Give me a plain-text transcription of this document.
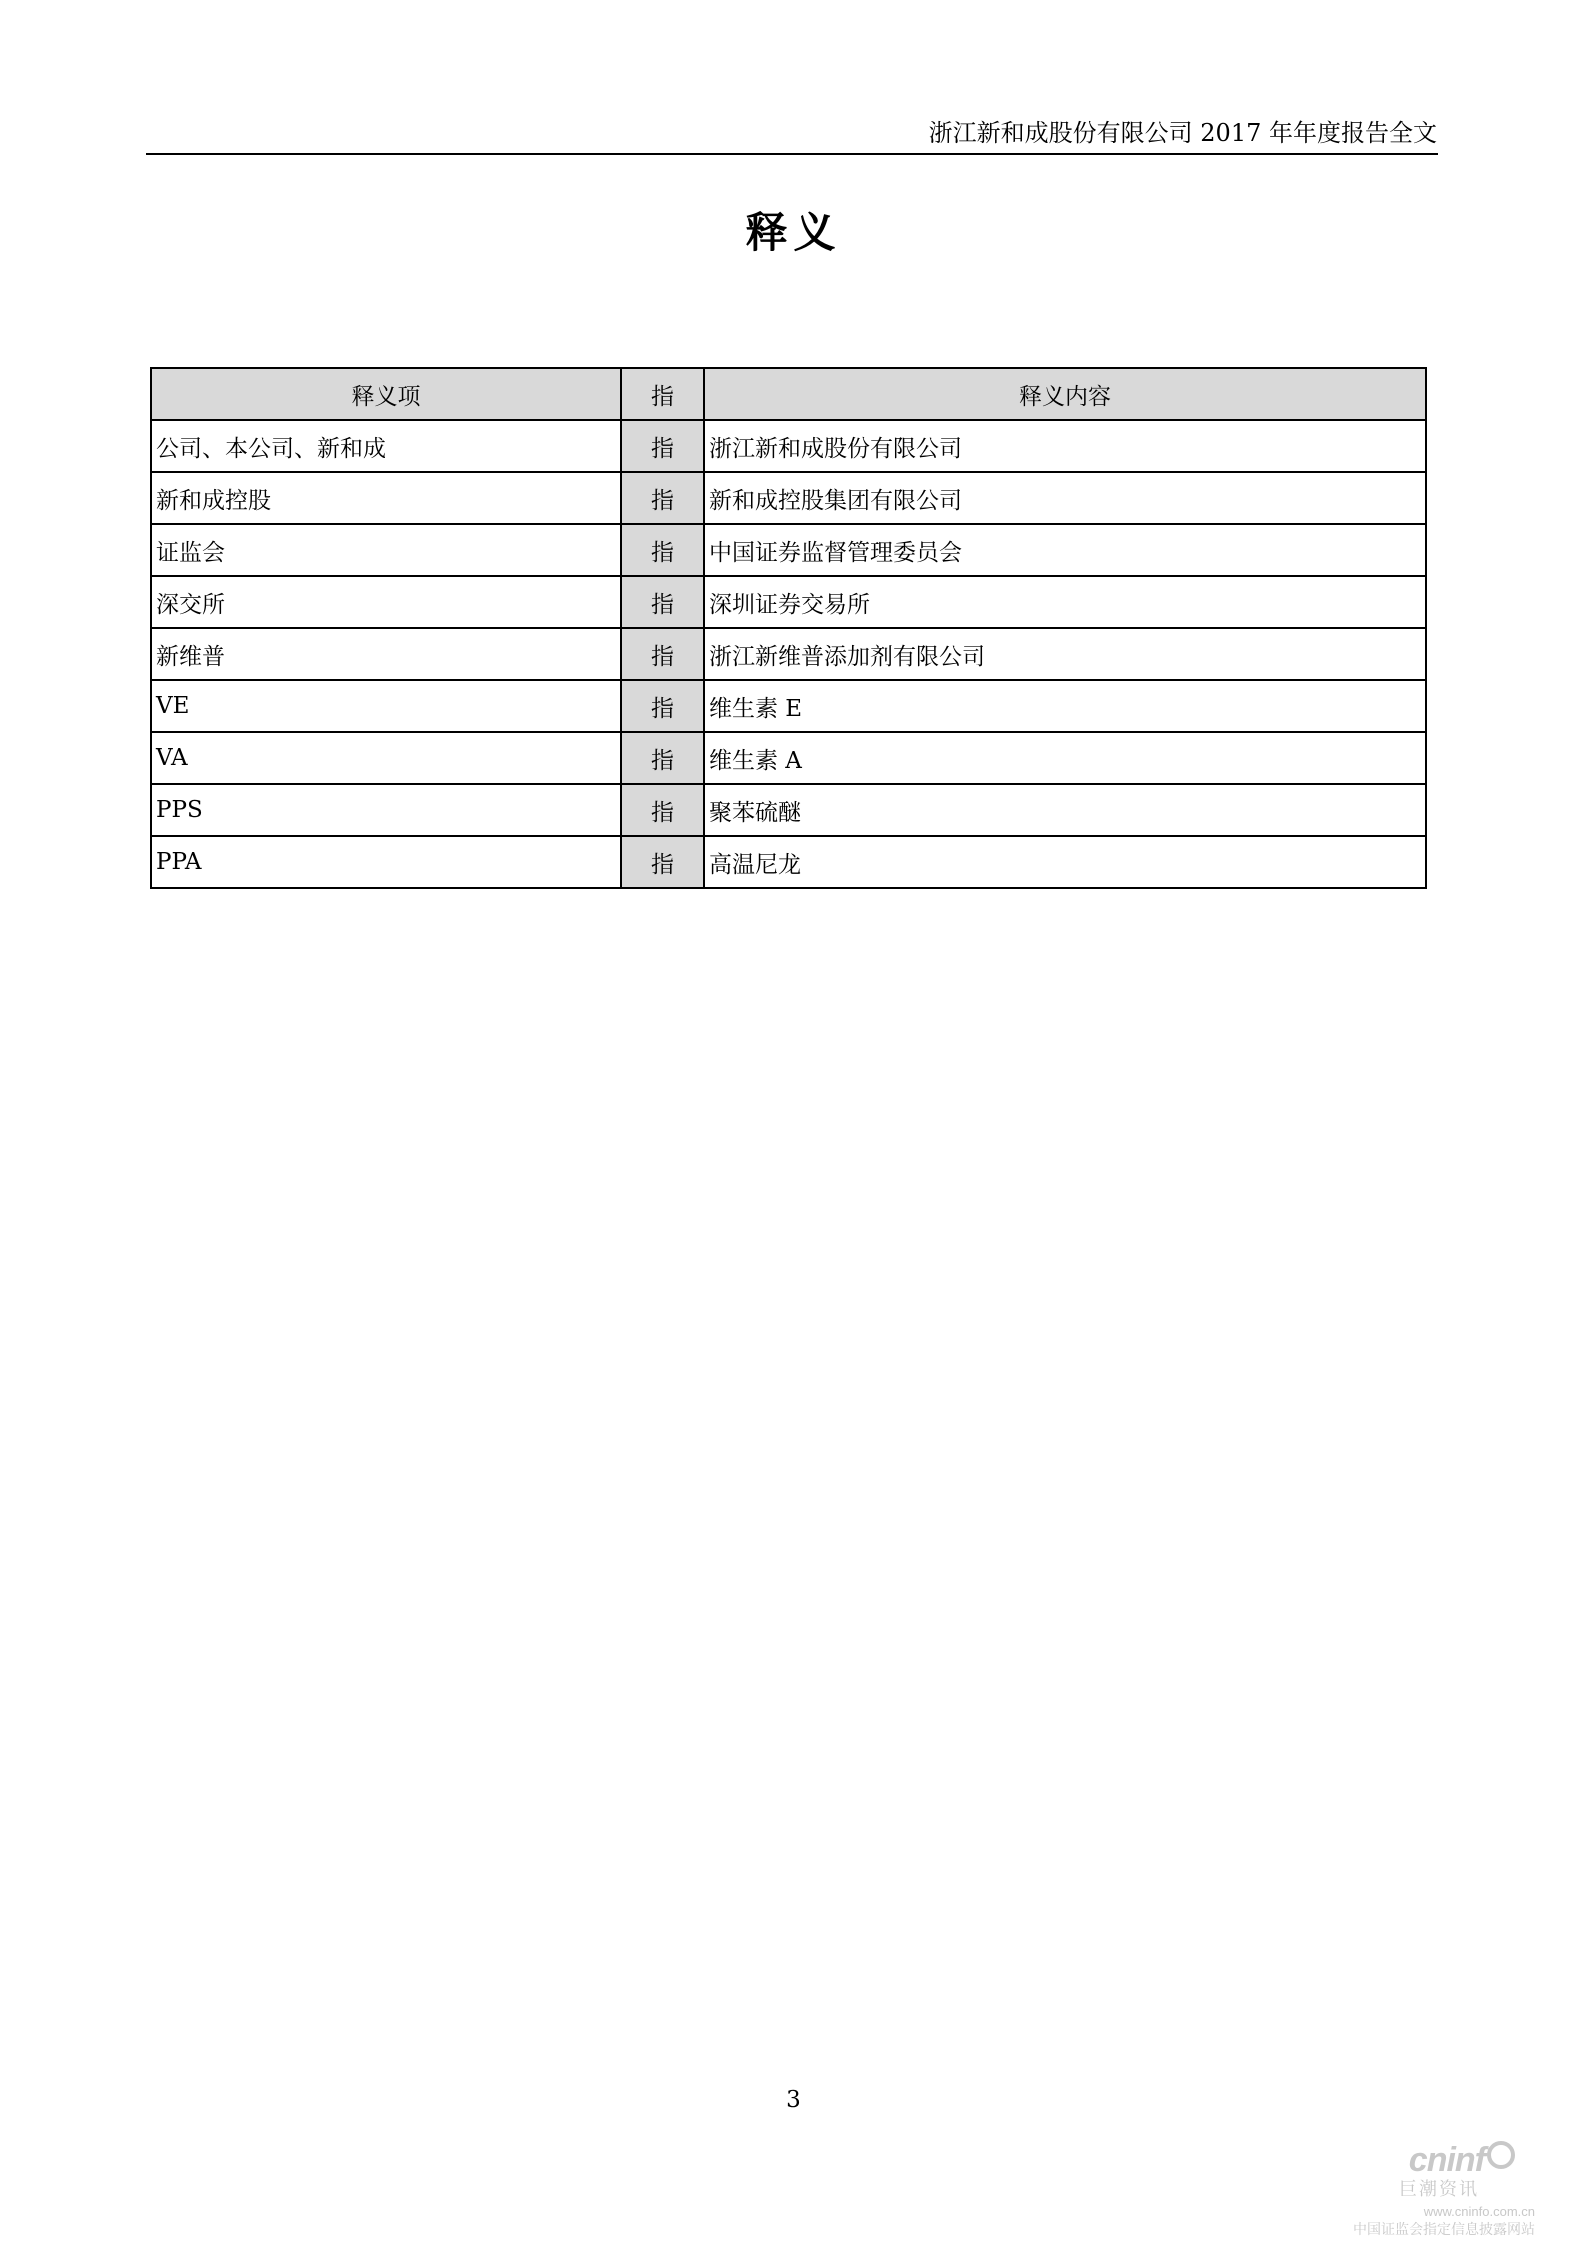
浙江新和成股份有限公司 2017 年年度报告全文
释义
释义项	指	释义内容
公司、本公司、新和成	指	浙江新和成股份有限公司
新和成控股	指	新和成控股集团有限公司
证监会	指	中国证券监督管理委员会
深交所	指	深圳证券交易所
新维普	指	浙江新维普添加剂有限公司
VE	指	维生素 E
VA	指	维生素 A
PPS	指	聚苯硫醚
PPA	指	高温尼龙
3
cninf
巨潮资讯
www.cninfo.com.cn
中国证监会指定信息披露网站
